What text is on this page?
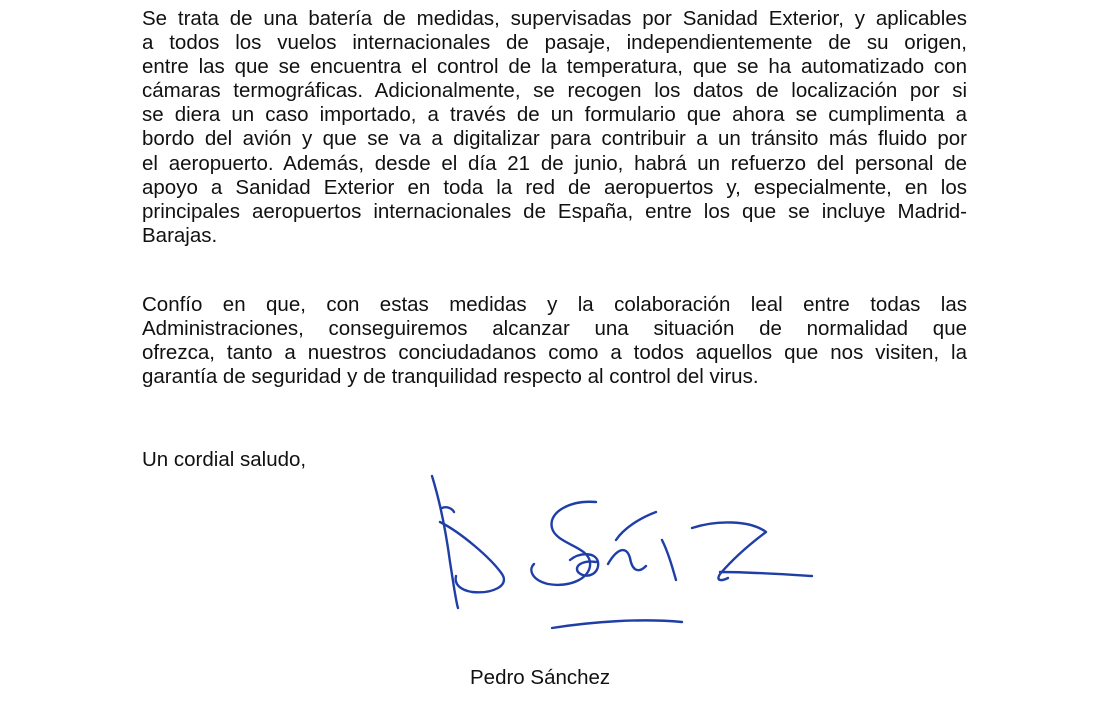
Se trata de una batería de medidas, supervisadas por Sanidad Exterior, y aplicables
a todos los vuelos internacionales de pasaje, independientemente de su origen,
entre las que se encuentra el control de la temperatura, que se ha automatizado con
cámaras termográficas. Adicionalmente, se recogen los datos de localización por si
se diera un caso importado, a través de un formulario que ahora se cumplimenta a
bordo del avión y que se va a digitalizar para contribuir a un tránsito más fluido por
el aeropuerto. Además, desde el día 21 de junio, habrá un refuerzo del personal de
apoyo a Sanidad Exterior en toda la red de aeropuertos y, especialmente, en los
principales aeropuertos internacionales de España, entre los que se incluye Madrid-
Barajas.
Confío en que, con estas medidas y la colaboración leal entre todas las
Administraciones, conseguiremos alcanzar una situación de normalidad que
ofrezca, tanto a nuestros conciudadanos como a todos aquellos que nos visiten, la
garantía de seguridad y de tranquilidad respecto al control del virus.

Un cordial saludo,

Pedro Sánchez
